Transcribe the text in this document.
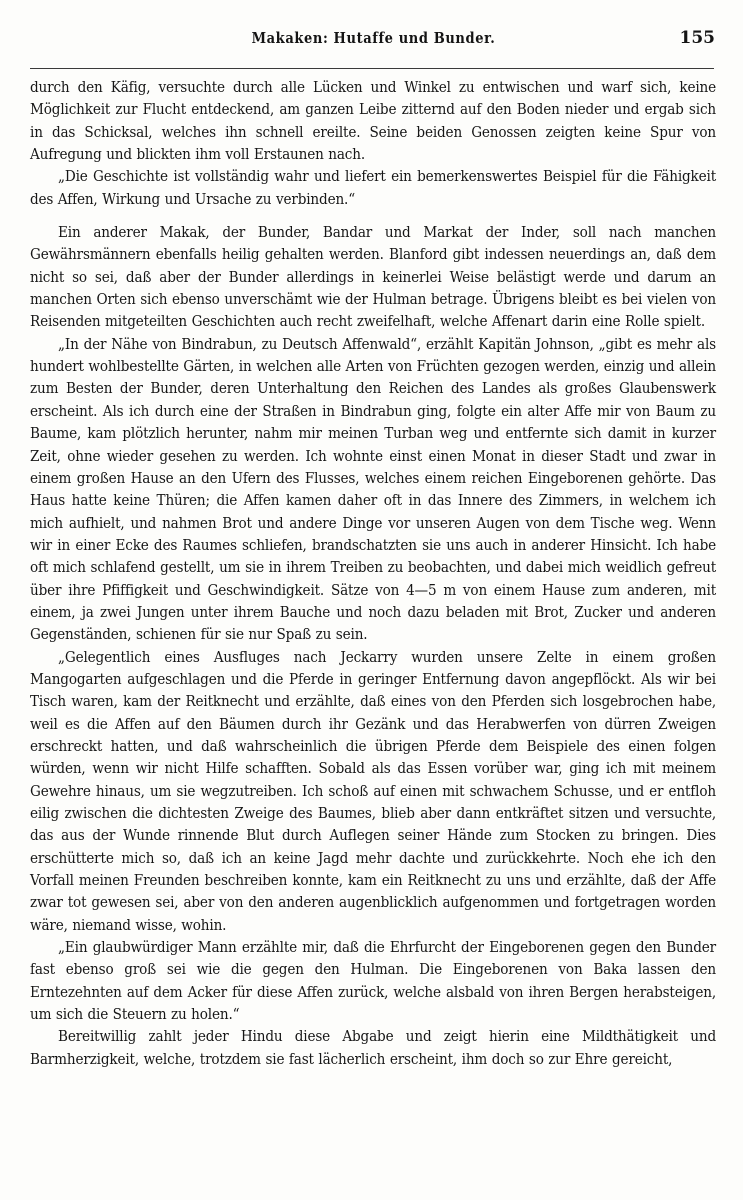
Makaken: Hutaffe und Bunder.	155

durch den Käfig, versuchte durch alle Lücken und Winkel zu entwischen und warf sich, keine Möglichkeit zur Flucht entdeckend, am ganzen Leibe zitternd auf den Boden nieder und ergab sich in das Schicksal, welches ihn schnell ereilte. Seine beiden Genossen zeigten keine Spur von Aufregung und blickten ihm voll Erstaunen nach.

„Die Geschichte ist vollständig wahr und liefert ein bemerkenswertes Beispiel für die Fähigkeit des Affen, Wirkung und Ursache zu verbinden.“

Ein anderer Makak, der Bunder, Bandar und Markat der Inder, soll nach manchen Gewährsmännern ebenfalls heilig gehalten werden. Blanford gibt indessen neuerdings an, daß dem nicht so sei, daß aber der Bunder allerdings in keinerlei Weise belästigt werde und darum an manchen Orten sich ebenso unverschämt wie der Hulman betrage. Übrigens bleibt es bei vielen von Reisenden mitgeteilten Geschichten auch recht zweifelhaft, welche Affenart darin eine Rolle spielt.

„In der Nähe von Bindrabun, zu Deutsch Affenwald“, erzählt Kapitän Johnson, „gibt es mehr als hundert wohlbestellte Gärten, in welchen alle Arten von Früchten gezogen werden, einzig und allein zum Besten der Bunder, deren Unterhaltung den Reichen des Landes als großes Glaubenswerk erscheint. Als ich durch eine der Straßen in Bindrabun ging, folgte ein alter Affe mir von Baum zu Baume, kam plötzlich herunter, nahm mir meinen Turban weg und entfernte sich damit in kurzer Zeit, ohne wieder gesehen zu werden. Ich wohnte einst einen Monat in dieser Stadt und zwar in einem großen Hause an den Ufern des Flusses, welches einem reichen Eingeborenen gehörte. Das Haus hatte keine Thüren; die Affen kamen daher oft in das Innere des Zimmers, in welchem ich mich aufhielt, und nahmen Brot und andere Dinge vor unseren Augen von dem Tische weg. Wenn wir in einer Ecke des Raumes schliefen, brandschatzten sie uns auch in anderer Hinsicht. Ich habe oft mich schlafend gestellt, um sie in ihrem Treiben zu beobachten, und dabei mich weidlich gefreut über ihre Pfiffigkeit und Geschwindigkeit. Sätze von 4—5 m von einem Hause zum anderen, mit einem, ja zwei Jungen unter ihrem Bauche und noch dazu beladen mit Brot, Zucker und anderen Gegenständen, schienen für sie nur Spaß zu sein.

„Gelegentlich eines Ausfluges nach Jeckarry wurden unsere Zelte in einem großen Mangogarten aufgeschlagen und die Pferde in geringer Entfernung davon angepflöckt. Als wir bei Tisch waren, kam der Reitknecht und erzählte, daß eines von den Pferden sich losgebrochen habe, weil es die Affen auf den Bäumen durch ihr Gezänk und das Herabwerfen von dürren Zweigen erschreckt hatten, und daß wahrscheinlich die übrigen Pferde dem Beispiele des einen folgen würden, wenn wir nicht Hilfe schafften. Sobald als das Essen vorüber war, ging ich mit meinem Gewehre hinaus, um sie wegzutreiben. Ich schoß auf einen mit schwachem Schusse, und er entfloh eilig zwischen die dichtesten Zweige des Baumes, blieb aber dann entkräftet sitzen und versuchte, das aus der Wunde rinnende Blut durch Auflegen seiner Hände zum Stocken zu bringen. Dies erschütterte mich so, daß ich an keine Jagd mehr dachte und zurückkehrte. Noch ehe ich den Vorfall meinen Freunden beschreiben konnte, kam ein Reitknecht zu uns und erzählte, daß der Affe zwar tot gewesen sei, aber von den anderen augenblicklich aufgenommen und fortgetragen worden wäre, niemand wisse, wohin.

„Ein glaubwürdiger Mann erzählte mir, daß die Ehrfurcht der Eingeborenen gegen den Bunder fast ebenso groß sei wie die gegen den Hulman. Die Eingeborenen von Baka lassen den Erntezehnten auf dem Acker für diese Affen zurück, welche alsbald von ihren Bergen herabsteigen, um sich die Steuern zu holen.“

Bereitwillig zahlt jeder Hindu diese Abgabe und zeigt hierin eine Mildthätigkeit und Barmherzigkeit, welche, trotzdem sie fast lächerlich erscheint, ihm doch so zur Ehre gereicht,
